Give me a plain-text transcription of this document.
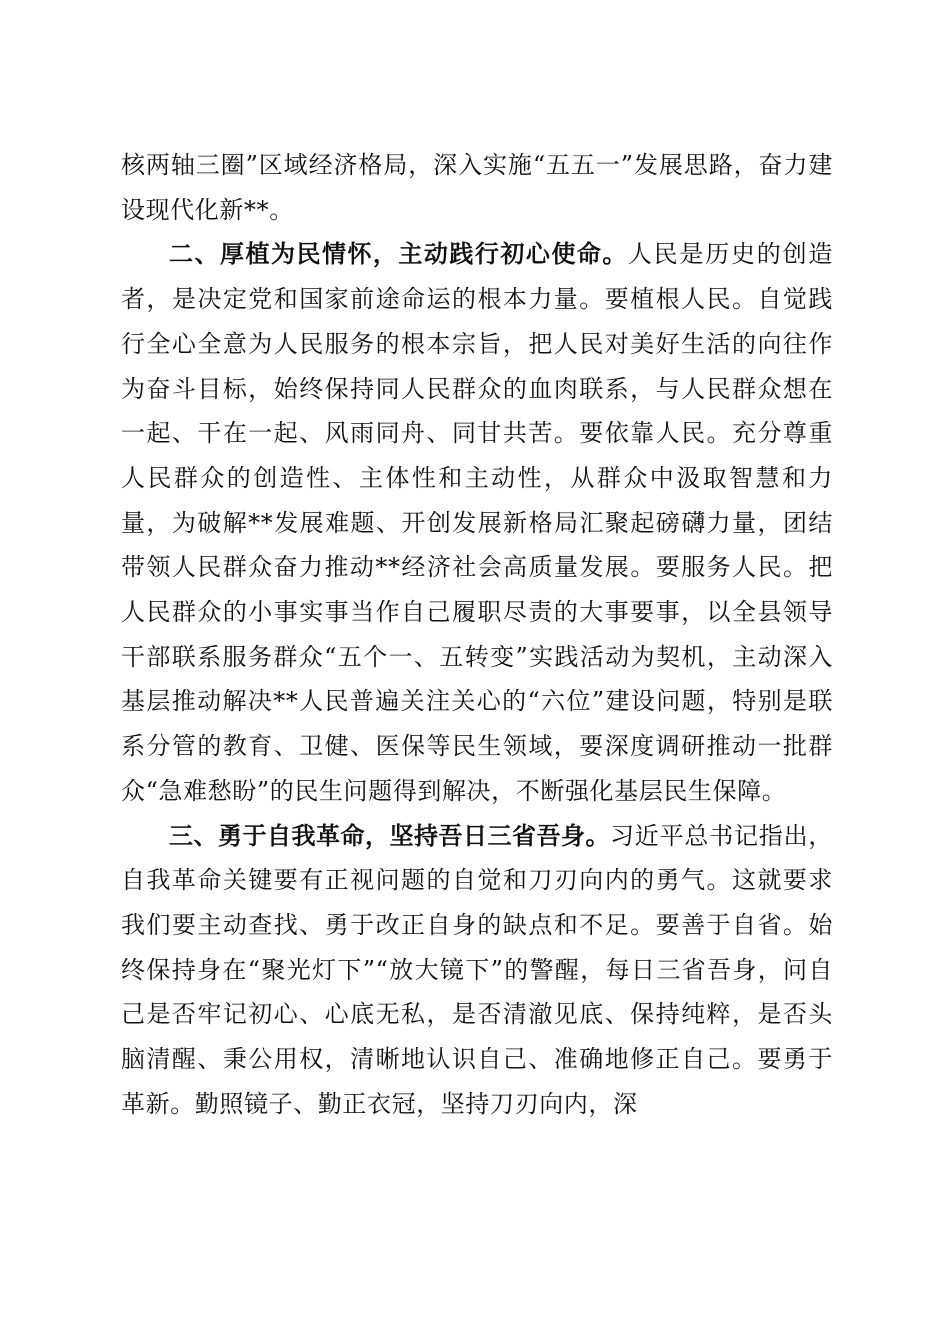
核两轴三圈”区域经济格局，深入实施“五五一”发展思路，奋力建设现代化新**。

二、厚植为民情怀，主动践行初心使命。人民是历史的创造者，是决定党和国家前途命运的根本力量。要植根人民。自觉践行全心全意为人民服务的根本宗旨，把人民对美好生活的向往作为奋斗目标，始终保持同人民群众的血肉联系，与人民群众想在一起、干在一起、风雨同舟、同甘共苦。要依靠人民。充分尊重人民群众的创造性、主体性和主动性，从群众中汲取智慧和力量，为破解**发展难题、开创发展新格局汇聚起磅礴力量，团结带领人民群众奋力推动**经济社会高质量发展。要服务人民。把人民群众的小事实事当作自己履职尽责的大事要事，以全县领导干部联系服务群众“五个一、五转变”实践活动为契机，主动深入基层推动解决**人民普遍关注关心的“六位”建设问题，特别是联系分管的教育、卫健、医保等民生领域，要深度调研推动一批群众“急难愁盼”的民生问题得到解决，不断强化基层民生保障。

三、勇于自我革命，坚持吾日三省吾身。习近平总书记指出，自我革命关键要有正视问题的自觉和刀刃向内的勇气。这就要求我们要主动查找、勇于改正自身的缺点和不足。要善于自省。始终保持身在“聚光灯下”“放大镜下”的警醒，每日三省吾身，问自己是否牢记初心、心底无私，是否清澈见底、保持纯粹，是否头脑清醒、秉公用权，清晰地认识自己、准确地修正自己。要勇于革新。勤照镜子、勤正衣冠，坚持刀刃向内，深
